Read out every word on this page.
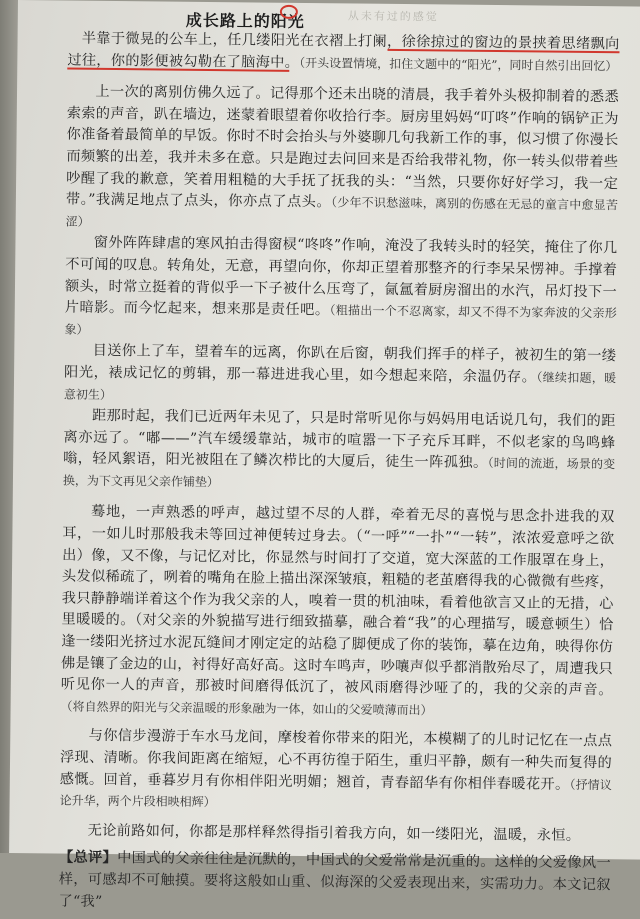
从未有过的感觉
成长路上的阳光

半靠于微晃的公车上，任几缕阳光在衣褶上打阑，徐徐掠过的窗边的景挟着思绪飘向过往，你的影便被勾勒在了脑海中。（开头设置情境，扣住文题中的“阳光”，同时自然引出回忆）

上一次的离别仿佛久远了。记得那个还未出晓的清晨，我手着外头极抑制着的悉悉索索的声音，趴在墙边，迷蒙着眼望着你收拾行李。厨房里妈妈“叮咚”作响的锅铲正为你准备着最简单的早饭。你时不时会抬头与外婆聊几句我新工作的事，似习惯了你漫长而频繁的出差，我并未多在意。只是跑过去问回来是否给我带礼物，你一转头似带着些吵醒了我的歉意，笑着用粗糙的大手抚了抚我的头：“当然，只要你好好学习，我一定带。”我满足地点了点头，你亦点了点头。（少年不识愁滋味，离别的伤感在无忌的童言中愈显苦涩）

窗外阵阵肆虐的寒风拍击得窗棂“咚咚”作响，淹没了我转头时的轻笑，掩住了你几不可闻的叹息。转角处，无意，再望向你，你却正望着那整齐的行李呆呆愣神。手撑着额头，时常立挺着的背似乎一下子被什么压弯了，氤氲着厨房溜出的水汽，吊灯投下一片暗影。而今忆起来，想来那是责任吧。（粗描出一个不忍离家，却又不得不为家奔波的父亲形象）

目送你上了车，望着车的远离，你趴在后窗，朝我们挥手的样子，被初生的第一缕阳光，裱成记忆的剪辑，那一幕进进我心里，如今想起来陪，余温仍存。（继续扣题，暖意初生）

距那时起，我们已近两年未见了，只是时常听见你与妈妈用电话说几句，我们的距离亦远了。“嘟——”汽车缓缓靠站，城市的喧嚣一下子充斥耳畔，不似老家的鸟鸣蜂嗡，轻风絮语，阳光被阻在了鳞次栉比的大厦后，徒生一阵孤独。（时间的流逝，场景的变换，为下文再见父亲作铺垫）

蓦地，一声熟悉的呼声，越过望不尽的人群，牵着无尽的喜悦与思念扑进我的双耳，一如儿时那般我未等回过神便转过身去。（“一呼”“一扑”“一转”，浓浓爱意呼之欲出）像，又不像，与记忆对比，你显然与时间打了交道，宽大深蓝的工作服罩在身上，头发似稀疏了，咧着的嘴角在脸上描出深深皱痕，粗糙的老茧磨得我的心微微有些疼，我只静静端详着这个作为我父亲的人，嗅着一贯的机油味，看着他欲言又止的无措，心里暖暖的。（对父亲的外貌描写进行细致描摹，融合着“我”的心理描写，暖意顿生）恰逢一缕阳光挤过水泥瓦缝间才刚定定的站稳了脚便成了你的装饰，摹在边角，映得你仿佛是镶了金边的山，衬得好高好高。这时车鸣声，吵嚷声似乎都消散殆尽了，周遭我只听见你一人的声音，那被时间磨得低沉了，被风雨磨得沙哑了的，我的父亲的声音。（将自然界的阳光与父亲温暖的形象融为一体，如山的父爱喷薄而出）

与你信步漫游于车水马龙间，摩梭着你带来的阳光，本模糊了的儿时记忆在一点点浮现、清晰。你我间距离在缩短，心不再彷徨于陌生，重归平静，颇有一种失而复得的感慨。回首，垂暮岁月有你相伴阳光明媚；翘首，青春韶华有你相伴春暖花开。（抒情议论升华，两个片段相映相辉）

无论前路如何，你都是那样释然得指引着我方向，如一缕阳光，温暖，永恒。

【总评】中国式的父亲往往是沉默的，中国式的父爱常常是沉重的。这样的父爱像风一样，可感却不可触摸。要将这般如山重、似海深的父爱表现出来，实需功力。本文记叙了“我”
